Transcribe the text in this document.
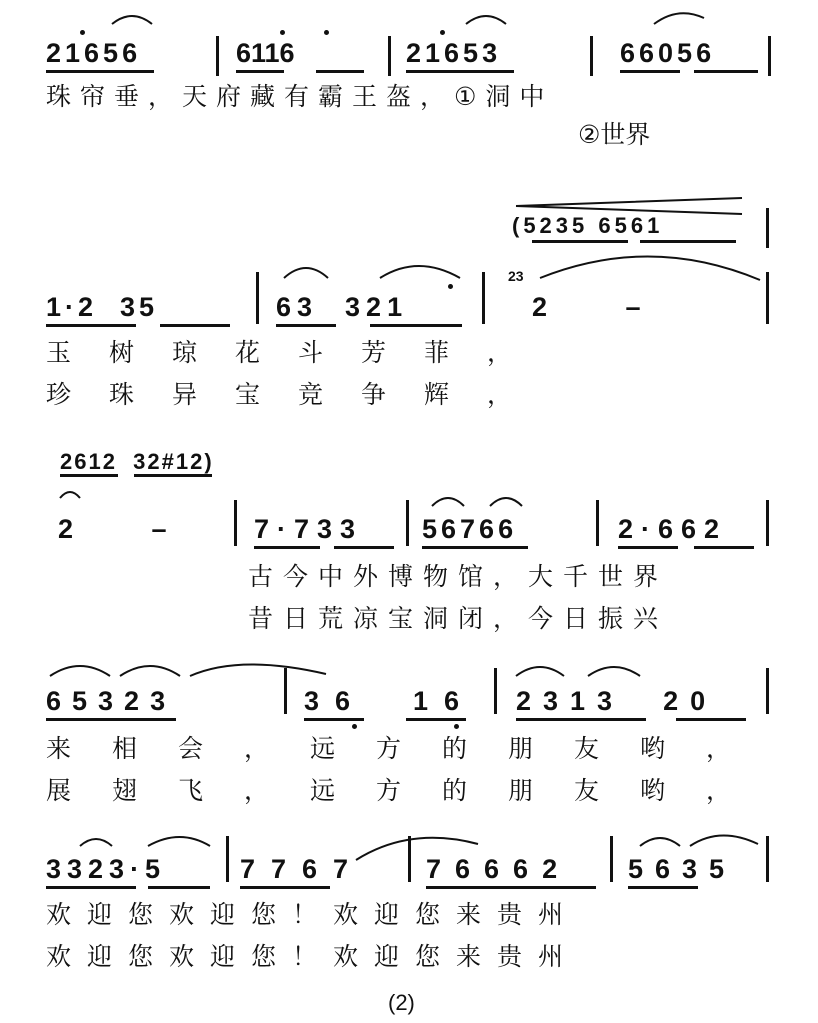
21656	6116	21653	66056
珠帘垂，天府藏有霸王盔，①洞中
②世界
(5235 6561
23
1·2  35	63  321	2   –
玉树琼花斗芳菲，
珍珠异宝竞争辉，
2612  32#12)
2   –	7·733 56766	2·662
古今中外博物馆，大千世界
昔日荒凉宝洞闭，今日振兴
65323	36  16 2313  20
来相会，远方的朋友哟，
展翅飞，远方的朋友哟，
3323·5	7767 76662 5635
欢迎您欢迎您！欢迎您来贵州
欢迎您欢迎您！欢迎您来贵州
(2)
